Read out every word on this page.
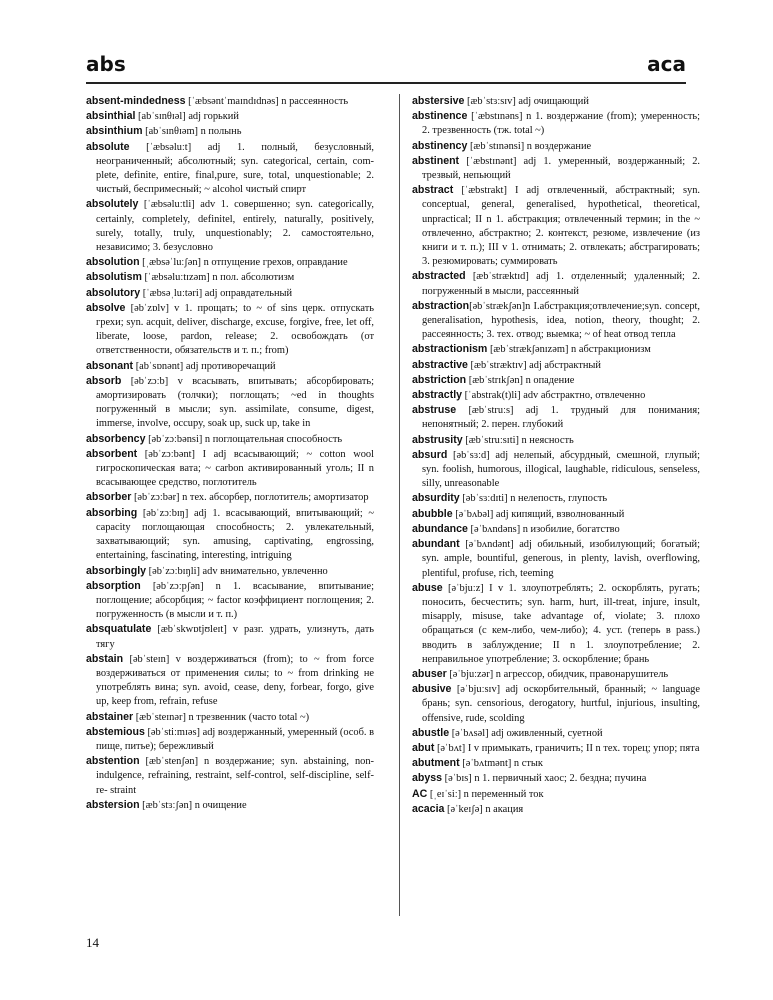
abs	aca

absent-mindedness [ˈæbsəntˈmaɪndɪdnəs] n рассеянность

absinthial [abˈsɪnθɪəl] adj горький

absinthium [abˈsɪnθɪəm] n полынь

absolute [ˈæbsəluːt] adj 1. полный, безусловный, неограниченный; абсолютный; syn. categorical, certain, com-plete, definite, entire, final,pure, sure, total, unquestionable; 2. чистый, беспримесный; ~ alcohol чистый спирт

absolutely [ˈæbsəluːtli] adv 1. совершенно; syn. categorically, certainly, completely, definitel, entirely, naturally, positively, surely, totally, truly, unquestionably; 2. самостоятельно, независимо; 3. безусловно

absolution [ˌæbsəˈluːʃən] n отпущение грехов, оправдание

absolutism [ˈæbsəluːtɪzəm] n пол. абсолютизм

absolutory [ˈæbsəˌluːtəri] adj оправдательный

absolve [əbˈzɒlv] v 1. прощать; to ~ of sins церк. отпускать грехи; syn. acquit, deliver, discharge, excuse, forgive, free, let off, liberate, loose, pardon, release; 2. освобождать (от ответственности, обязательств и т. п.; from)

absonant [abˈsɒnənt] adj противоречащий

absorb [əbˈzɔːb] v всасывать, впитывать; абсорбировать; амортизировать (толчки); поглощать; ~ed in thoughts погруженный в мысли; syn. assimilate, consume, digest, immerse, involve, occupy, soak up, suck up, take in

absorbency [əbˈzɔːbənsi] n поглощательная способность

absorbent [əbˈzɔːbənt] I adj всасывающий; ~ cotton wool гигроскопическая вата; ~ carbon активированный уголь; II n всасывающее средство, поглотитель

absorber [əbˈzɔːbər] n тех. абсорбер, поглотитель; амортизатор

absorbing [əbˈzɔːbɪŋ] adj 1. всасывающий, впитывающий; ~ capacity поглощающая способность; 2. увлекательный, захватывающий; syn. amusing, captivating, engrossing, entertaining, fascinating, interesting, intriguing

absorbingly [əbˈzɔːbɪŋli] adv внимательно, увлеченно

absorption [əbˈzɔːpʃən] n 1. всасывание, впитывание; поглощение; абсорбция; ~ factor коэффициент поглощения; 2. погруженность (в мысли и т. п.)

absquatulate [æbˈskwɒtjʊleɪt] v разг. удрать, улизнуть, дать тягу

abstain [əbˈsteɪn] v воздерживаться (from); to ~ from force воздерживаться от применения силы; to ~ from drinking не употреблять вина; syn. avoid, cease, deny, forbear, forgo, give up, keep from, refrain, refuse

abstainer [æbˈsteɪnər] n трезвенник (часто total ~)

abstemious [əbˈstiːmɪəs] adj воздержанный, умеренный (особ. в пище, питье); бережливый

abstention [æbˈstenʃən] n воздержание; syn. abstaining, non-indulgence, refraining, restraint, self-control, self-discipline, self-re- straint

abstersion [æbˈstɜːʃən] n очищение

abstersive [æbˈstɜːsɪv] adj очищающий

abstinence [ˈæbstɪnəns] n 1. воздержание (from); умеренность; 2. трезвенность (тж. total ~)

abstinency [æbˈstɪnənsi] n воздержание

abstinent [ˈæbstɪnənt] adj 1. умеренный, воздержанный; 2. трезвый, непьющий

abstract [ˈæbstrakt] I adj отвлеченный, абстрактный; syn. conceptual, general, generalised, hypothetical, theoretical, unpractical; II n 1. абстракция; отвлеченный термин; in the ~ отвлеченно, абстрактно; 2. контекст, резюме, извлечение (из книги и т. п.); III v 1. отнимать; 2. отвлекать; абстрагировать; 3. резюмировать; суммировать

abstracted [æbˈstræktɪd] adj 1. отделенный; удаленный; 2. погруженный в мысли, рассеянный

abstraction[əbˈstrækʃən]n I.абстракция;отвлечение;syn. concept, generalisation, hypothesis, idea, notion, theory, thought; 2. рассеянность; 3. тех. отвод; выемка; ~ of heat отвод тепла

abstractionism [æbˈstrækʃənɪzəm] n абстракционизм

abstractive [æbˈstræktɪv] adj абстрактный

abstriction [æbˈstrɪkʃən] n опадение

abstractly [ˈabstrak(t)li] adv абстрактно, отвлеченно

abstruse [æbˈstruːs] adj 1. трудный для понимания; непонятный; 2. перен. глубокий

abstrusity [æbˈstruːsɪti] n неясность

absurd [əbˈsɜːd] adj нелепый, абсурдный, смешной, глупый; syn. foolish, humorous, illogical, laughable, ridiculous, senseless, silly, unreasonable

absurdity [əbˈsɜːdɪti] n нелепость, глупость

abubble [əˈbʌbəl] adj кипящий, взволнованный

abundance [əˈbʌndəns] n изобилие, богатство

abundant [əˈbʌndənt] adj обильный, изобилующий; богатый; syn. ample, bountiful, generous, in plenty, lavish, overflowing, plentiful, profuse, rich, teeming

abuse [əˈbjuːz] I v 1. злоупотреблять; 2. оскорблять, ругать; поносить, бесчестить; syn. harm, hurt, ill-treat, injure, insult, misapply, misuse, take advantage of, violate; 3. плохо обращаться (с кем-либо, чем-либо); 4. уст. (теперь в pass.) вводить в заблуждение; II n 1. злоупотребление; 2. неправильное употребление; 3. оскорбление; брань

abuser [əˈbjuːzər] n агрессор, обидчик, правонарушитель

abusive [əˈbjuːsɪv] adj оскорбительный, бранный; ~ language брань; syn. censorious, derogatory, hurtful, injurious, insulting, offensive, rude, scolding

abustle [əˈbʌsəl] adj оживленный, суетной

abut [əˈbʌt] I v примыкать, граничить; II n тех. торец; упор; пята

abutment [əˈbʌtmənt] n стык

abyss [əˈbɪs] n 1. первичный хаос; 2. бездна; пучина

AC [ˌeɪˈsiː] n переменный ток

acacia [əˈkeɪʃə] n акация

14
